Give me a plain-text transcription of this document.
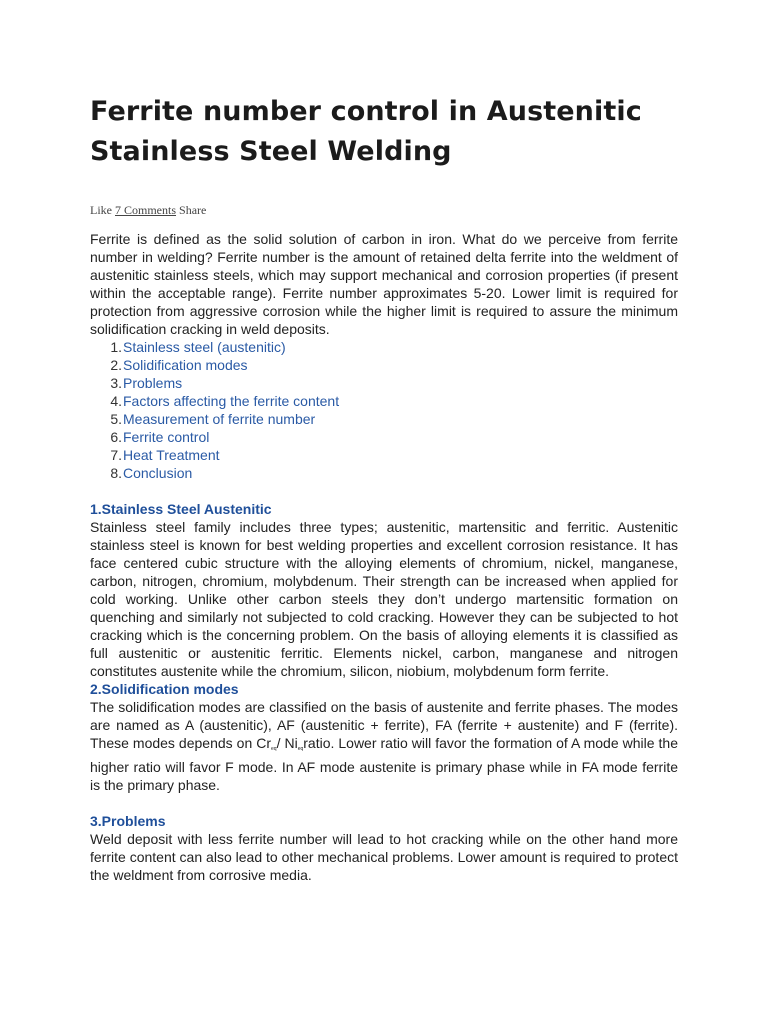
Ferrite number control in Austenitic Stainless Steel Welding
Like 7 Comments Share

Ferrite is defined as the solid solution of carbon in iron. What do we perceive from ferrite number in welding? Ferrite number is the amount of retained delta ferrite into the weldment of austenitic stainless steels, which may support mechanical and corrosion properties (if present within the acceptable range). Ferrite number approximates 5-20. Lower limit is required for protection from aggressive corrosion while the higher limit is required to assure the minimum solidification cracking in weld deposits.

1. Stainless steel (austenitic)
2. Solidification modes
3. Problems
4. Factors affecting the ferrite content
5. Measurement of ferrite number
6. Ferrite control
7. Heat Treatment
8. Conclusion
1.Stainless Steel Austenitic

Stainless steel family includes three types; austenitic, martensitic and ferritic. Austenitic stainless steel is known for best welding properties and excellent corrosion resistance. It has face centered cubic structure with the alloying elements of chromium, nickel, manganese, carbon, nitrogen, chromium, molybdenum. Their strength can be increased when applied for cold working. Unlike other carbon steels they don’t undergo martensitic formation on quenching and similarly not subjected to cold cracking. However they can be subjected to hot cracking which is the concerning problem. On the basis of alloying elements it is classified as full austenitic or austenitic ferritic. Elements nickel, carbon, manganese and nitrogen constitutes austenite while the chromium, silicon, niobium, molybdenum form ferrite.

2.Solidification modes

The solidification modes are classified on the basis of austenite and ferrite phases. The modes are named as A (austenitic), AF (austenitic + ferrite), FA (ferrite + austenite) and F (ferrite). These modes depends on $Cr_{eq}/$ $Ni_{eq}ratio$. Lower ratio will favor the formation of A mode while the higher ratio will favor F mode. In AF mode austenite is primary phase while in FA mode ferrite is the primary phase.

3.Problems

Weld deposit with less ferrite number will lead to hot cracking while on the other hand more ferrite content can also lead to other mechanical problems. Lower amount is required to protect the weldment from corrosive media.
